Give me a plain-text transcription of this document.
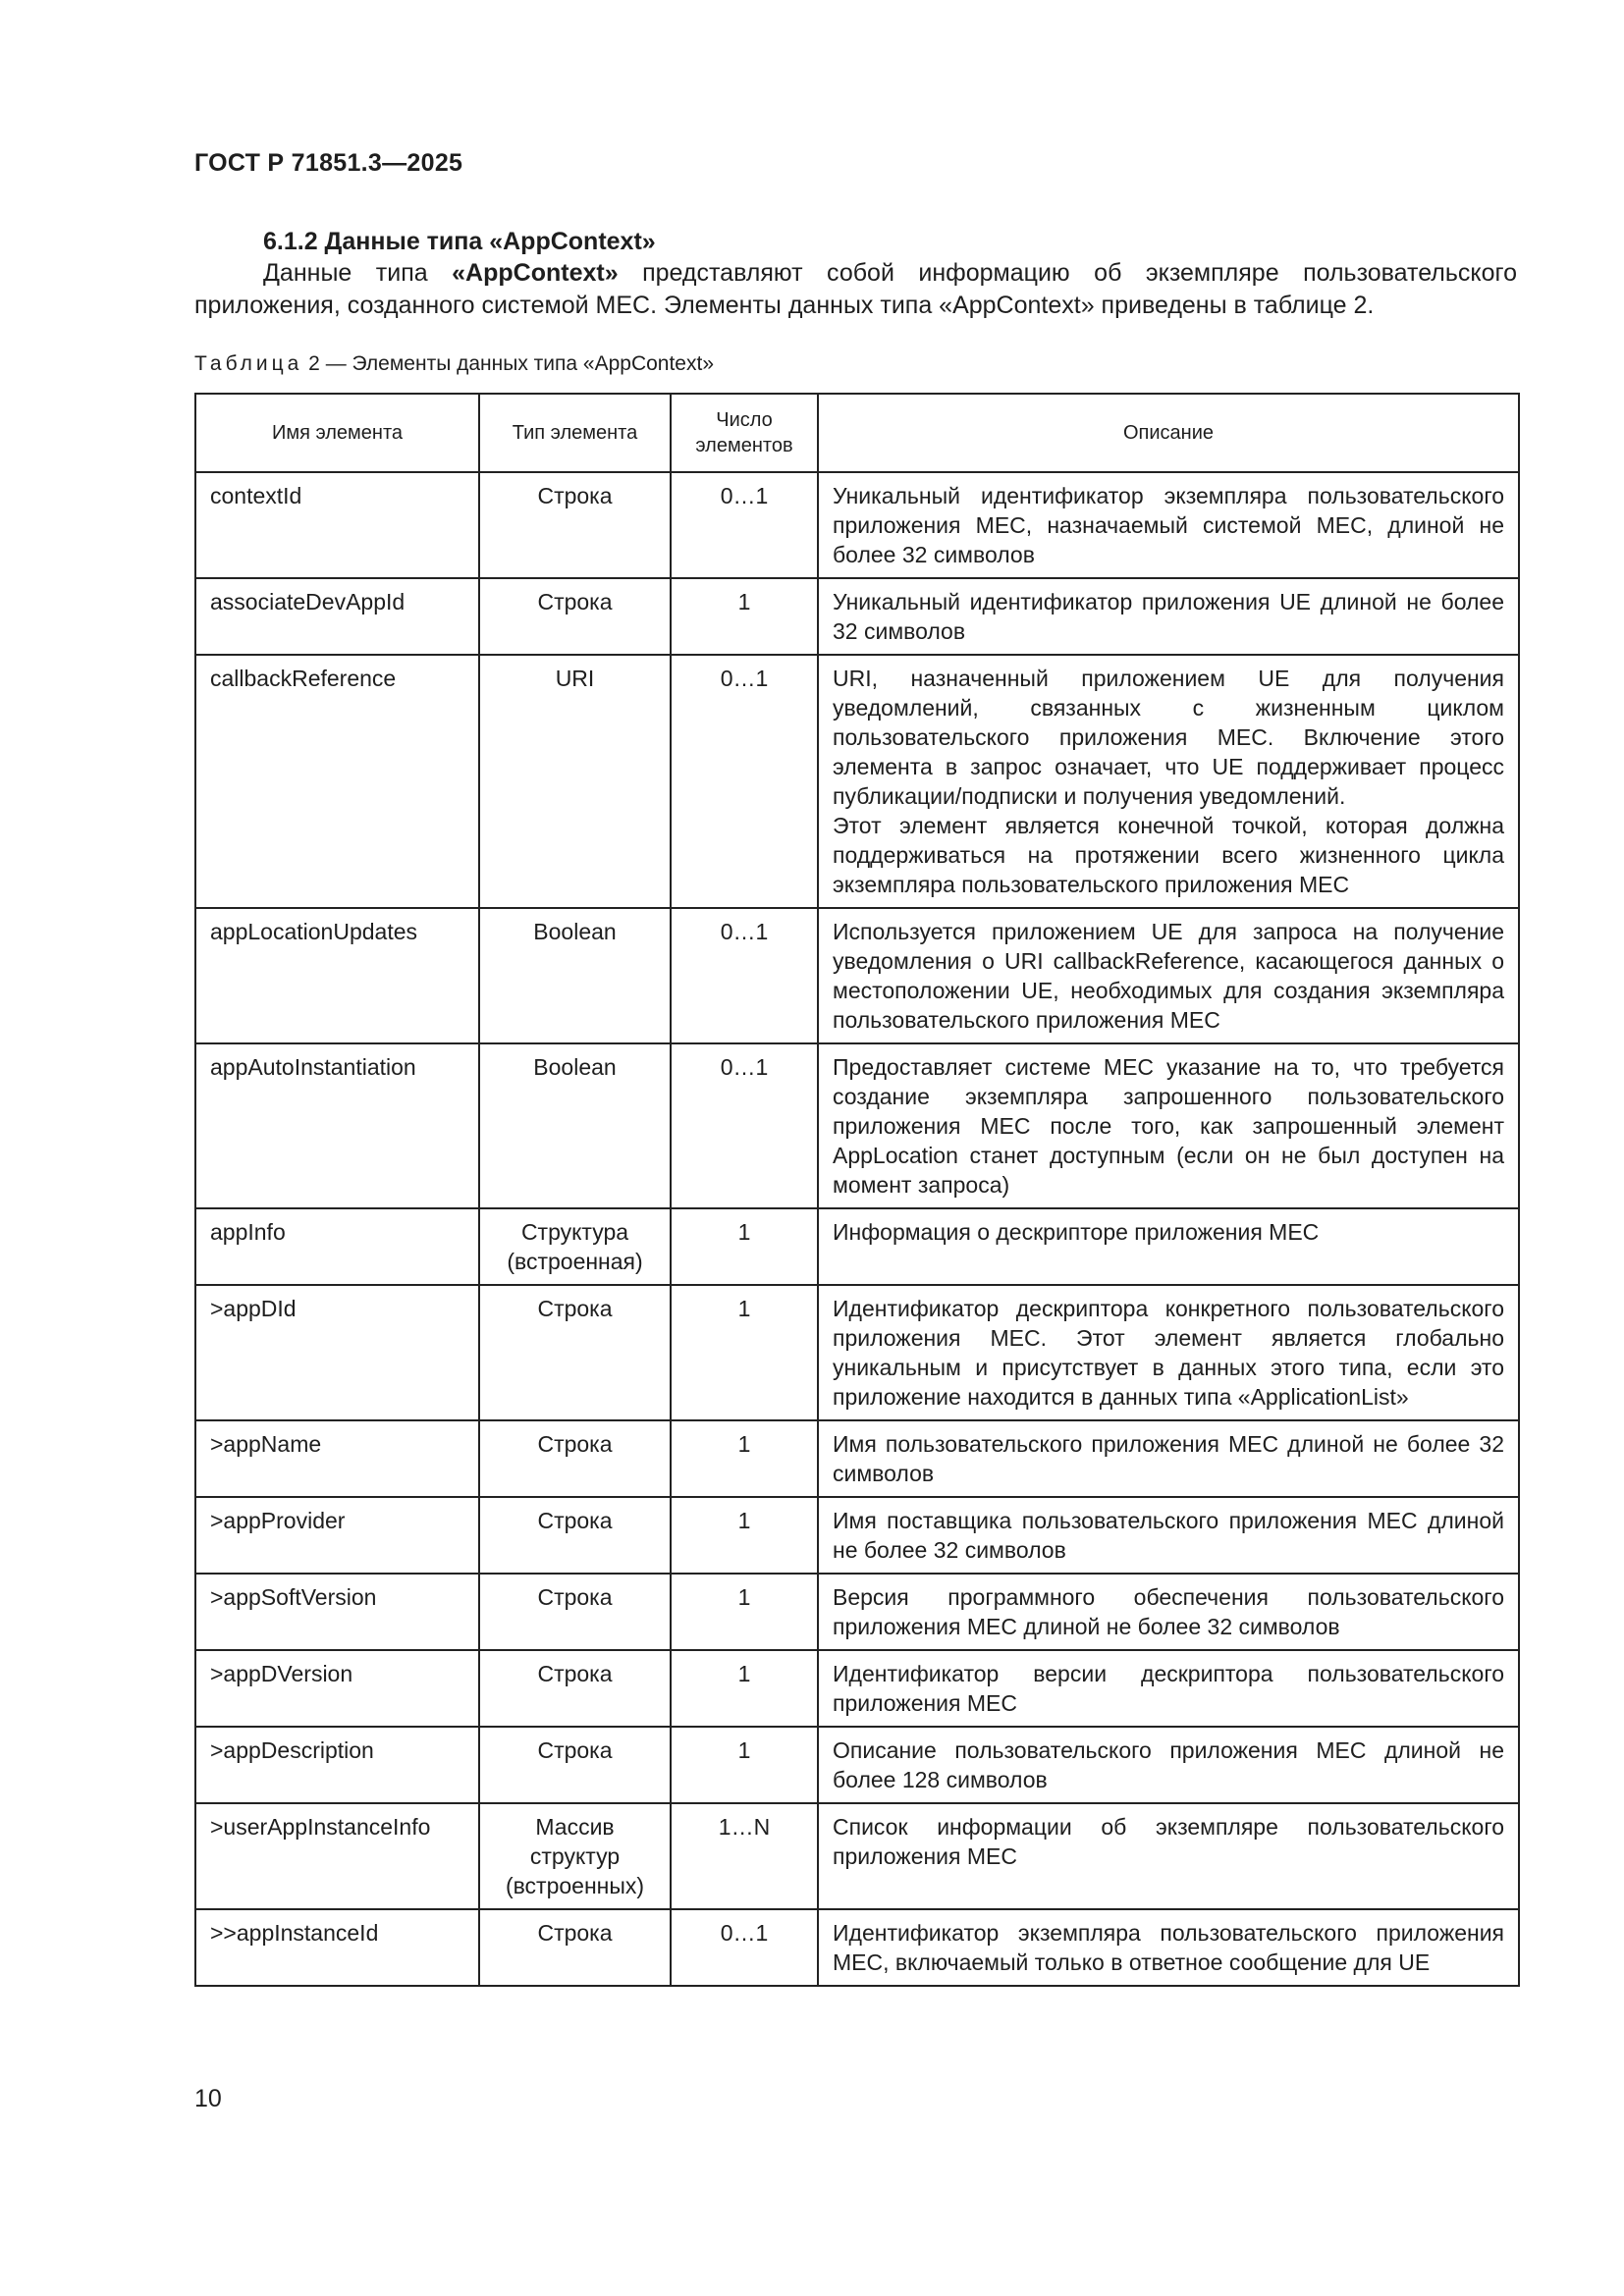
ГОСТ Р 71851.3—2025
6.1.2 Данные типа «AppContext»
Данные типа «AppContext» представляют собой информацию об экземпляре пользовательского приложения, созданного системой MEC. Элементы данных типа «AppContext» приведены в таблице 2.
Таблица 2 — Элементы данных типа «AppContext»
Имя элемента	Тип элемента	Число элементов	Описание
contextId	Строка	0…1	Уникальный идентификатор экземпляра пользовательского приложения MEC, назначаемый системой MEC, длиной не более 32 символов
associateDevAppId	Строка	1	Уникальный идентификатор приложения UE длиной не более 32 символов
callbackReference	URI	0…1	URI, назначенный приложением UE для получения уведомлений, связанных с жизненным циклом пользовательского приложения MEC. Включение этого элемента в запрос означает, что UE поддерживает процесс публикации/подписки и получения уведомлений.
Этот элемент является конечной точкой, которая должна поддерживаться на протяжении всего жизненного цикла экземпляра пользовательского приложения MEC

appLocationUpdates	Boolean	0…1	Используется приложением UE для запроса на получение уведомления о URI callbackReference, касающегося данных о местоположении UE, необходимых для создания экземпляра пользовательского приложения MEC
appAutoInstantiation	Boolean	0…1	Предоставляет системе MEC указание на то, что требуется создание экземпляра запрошенного пользовательского приложения MEC после того, как запрошенный элемент AppLocation станет доступным (если он не был доступен на момент запроса)
appInfo	Структура (встроенная)	1	Информация о дескрипторе приложения MEC
>appDId	Строка	1	Идентификатор дескриптора конкретного пользовательского приложения MEC. Этот элемент является глобально уникальным и присутствует в данных этого типа, если это приложение находится в данных типа «ApplicationList»
>appName	Строка	1	Имя пользовательского приложения MEC длиной не более 32 символов
>appProvider	Строка	1	Имя поставщика пользовательского приложения MEC длиной не более 32 символов
>appSoftVersion	Строка	1	Версия программного обеспечения пользовательского приложения MEC длиной не более 32 символов
>appDVersion	Строка	1	Идентификатор версии дескриптора пользовательского приложения MEC
>appDescription	Строка	1	Описание пользовательского приложения MEC длиной не более 128 символов
>userAppInstanceInfo	Массив структур (встроенных)	1…N	Список информации об экземпляре пользовательского приложения MEC
>>appInstanceId	Строка	0…1	Идентификатор экземпляра пользовательского приложения MEC, включаемый только в ответное сообщение для UE
10
